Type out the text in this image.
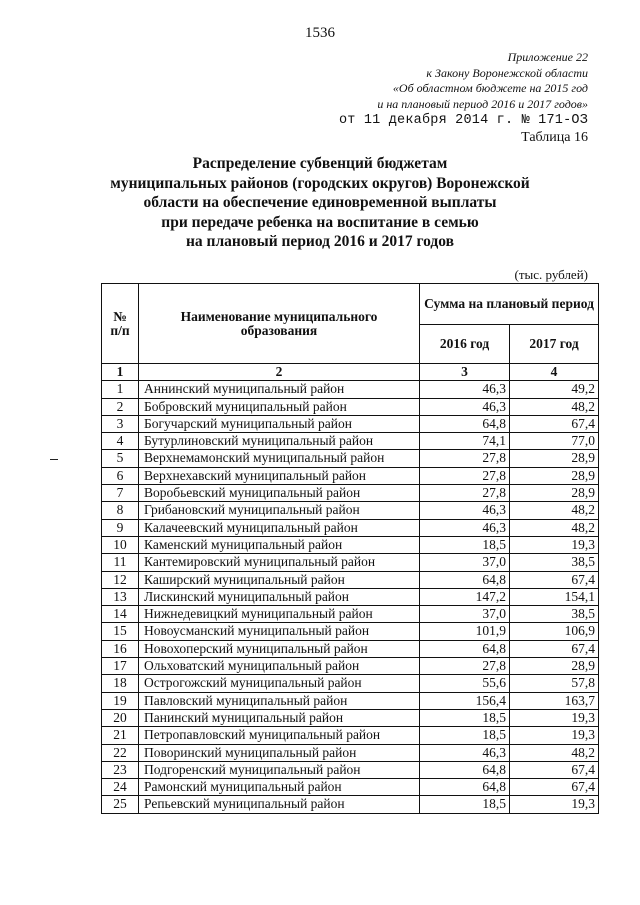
1536
Приложение 22
к Закону Воронежской области
«Об областном бюджете на 2015 год
и на плановый период 2016 и 2017 годов»
от 11 декабря 2014 г. № 171-ОЗ
Таблица 16
Распределение субвенций бюджетам
муниципальных районов (городских округов) Воронежской
области на обеспечение единовременной выплаты
при передаче ребенка на воспитание в семью
на плановый период 2016 и 2017 годов
(тыс. рублей)
№ п/п	Наименование муниципального образования	Сумма на плановый период	
		2016 год	2017 год
1	2	3	4
1	Аннинский муниципальный район	46,3	49,2
2	Бобровский муниципальный район	46,3	48,2
3	Богучарский муниципальный район	64,8	67,4
4	Бутурлиновский муниципальный район	74,1	77,0
5	Верхнемамонский муниципальный район	27,8	28,9
6	Верхнехавский муниципальный район	27,8	28,9
7	Воробьевский муниципальный район	27,8	28,9
8	Грибановский муниципальный район	46,3	48,2
9	Калачеевский муниципальный район	46,3	48,2
10	Каменский муниципальный район	18,5	19,3
11	Кантемировский муниципальный район	37,0	38,5
12	Каширский муниципальный район	64,8	67,4
13	Лискинский муниципальный район	147,2	154,1
14	Нижнедевицкий муниципальный район	37,0	38,5
15	Новоусманский муниципальный район	101,9	106,9
16	Новохоперский муниципальный район	64,8	67,4
17	Ольховатский муниципальный район	27,8	28,9
18	Острогожский муниципальный район	55,6	57,8
19	Павловский муниципальный район	156,4	163,7
20	Панинский муниципальный район	18,5	19,3
21	Петропавловский муниципальный район	18,5	19,3
22	Поворинский муниципальный район	46,3	48,2
23	Подгоренский муниципальный район	64,8	67,4
24	Рамонский муниципальный район	64,8	67,4
25	Репьевский муниципальный район	18,5	19,3
